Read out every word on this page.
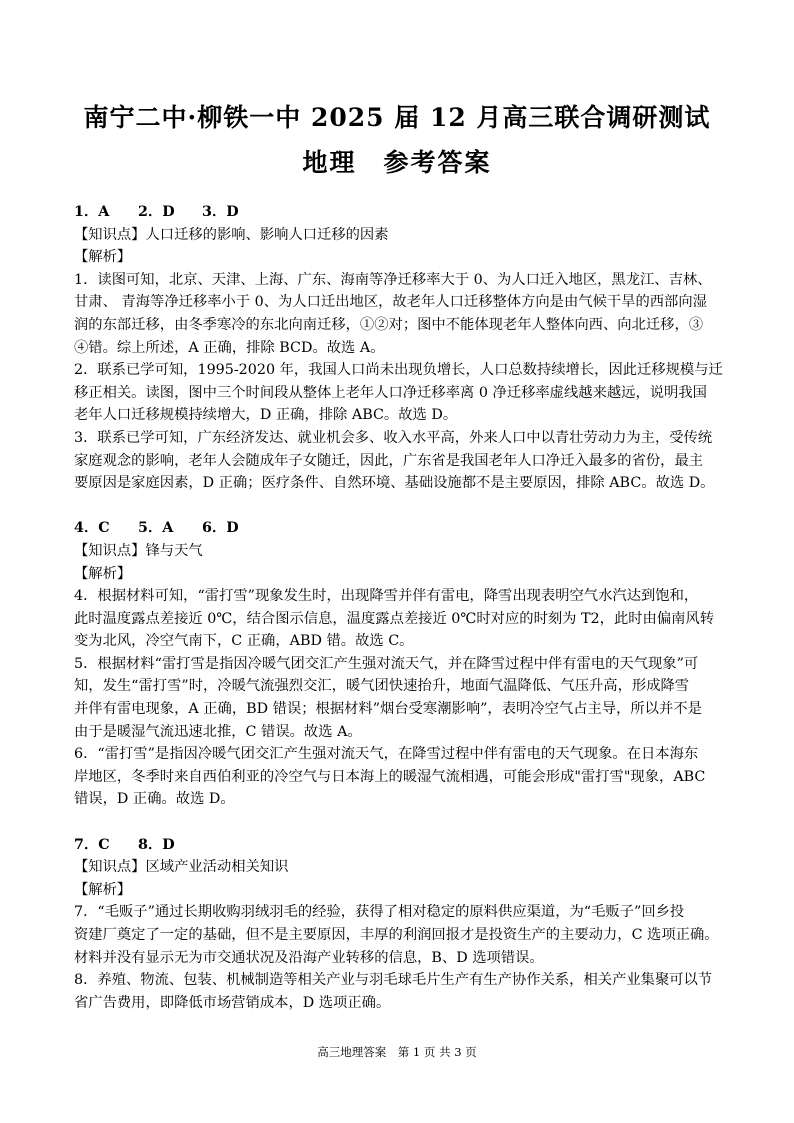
南宁二中·柳铁一中 2025 届 12 月高三联合调研测试
地理　参考答案
1．A 2．D 3．D
【知识点】人口迁移的影响、影响人口迁移的因素
【解析】
1．读图可知，北京、天津、上海、广东、海南等净迁移率大于 0、为人口迁入地区，黑龙江、吉林、
甘肃、 青海等净迁移率小于 0、为人口迁出地区，故老年人口迁移整体方向是由气候干旱的西部向湿
润的东部迁移，由冬季寒冷的东北向南迁移，①②对；图中不能体现老年人整体向西、向北迁移，③
④错。综上所述，A 正确，排除 BCD。故选 A。
2．联系已学可知，1995-2020 年，我国人口尚未出现负增长，人口总数持续增长，因此迁移规模与迁
移正相关。读图，图中三个时间段从整体上老年人口净迁移率离 0 净迁移率虚线越来越远，说明我国
老年人口迁移规模持续增大，D 正确，排除 ABC。故选 D。
3．联系已学可知，广东经济发达、就业机会多、收入水平高，外来人口中以青壮劳动力为主，受传统
家庭观念的影响，老年人会随成年子女随迁，因此，广东省是我国老年人口净迁入最多的省份，最主
要原因是家庭因素，D 正确；医疗条件、自然环境、基础设施都不是主要原因，排除 ABC。故选 D。
4．C 5．A 6．D
【知识点】锋与天气
【解析】
4．根据材料可知，“雷打雪”现象发生时，出现降雪并伴有雷电，降雪出现表明空气水汽达到饱和，
此时温度露点差接近 0℃，结合图示信息，温度露点差接近 0℃时对应的时刻为 T2，此时由偏南风转
变为北风，冷空气南下，C 正确，ABD 错。故选 C。
5．根据材料“雷打雪是指因冷暖气团交汇产生强对流天气，并在降雪过程中伴有雷电的天气现象”可
知，发生“雷打雪”时，冷暖气流强烈交汇，暖气团快速抬升，地面气温降低、气压升高，形成降雪
并伴有雷电现象，A 正确，BD 错误；根据材料”烟台受寒潮影响”，表明冷空气占主导，所以并不是
由于是暖湿气流迅速北推，C 错误。故选 A。
6．“雷打雪”是指因冷暖气团交汇产生强对流天气，在降雪过程中伴有雷电的天气现象。在日本海东
岸地区，冬季时来自西伯利亚的冷空气与日本海上的暖湿气流相遇，可能会形成"雷打雪"现象，ABC
错误，D 正确。故选 D。
7．C 8．D
【知识点】区域产业活动相关知识
【解析】
7．“毛贩子”通过长期收购羽绒羽毛的经验，获得了相对稳定的原料供应渠道，为“毛贩子”回乡投
资建厂奠定了一定的基础，但不是主要原因，丰厚的利润回报才是投资生产的主要动力，C 选项正确。
材料并没有显示无为市交通状况及沿海产业转移的信息，B、D 选项错误。
8．养殖、物流、包装、机械制造等相关产业与羽毛球毛片生产有生产协作关系，相关产业集聚可以节
省广告费用，即降低市场营销成本，D 选项正确。
高三地理答案　第 1 页 共 3 页
